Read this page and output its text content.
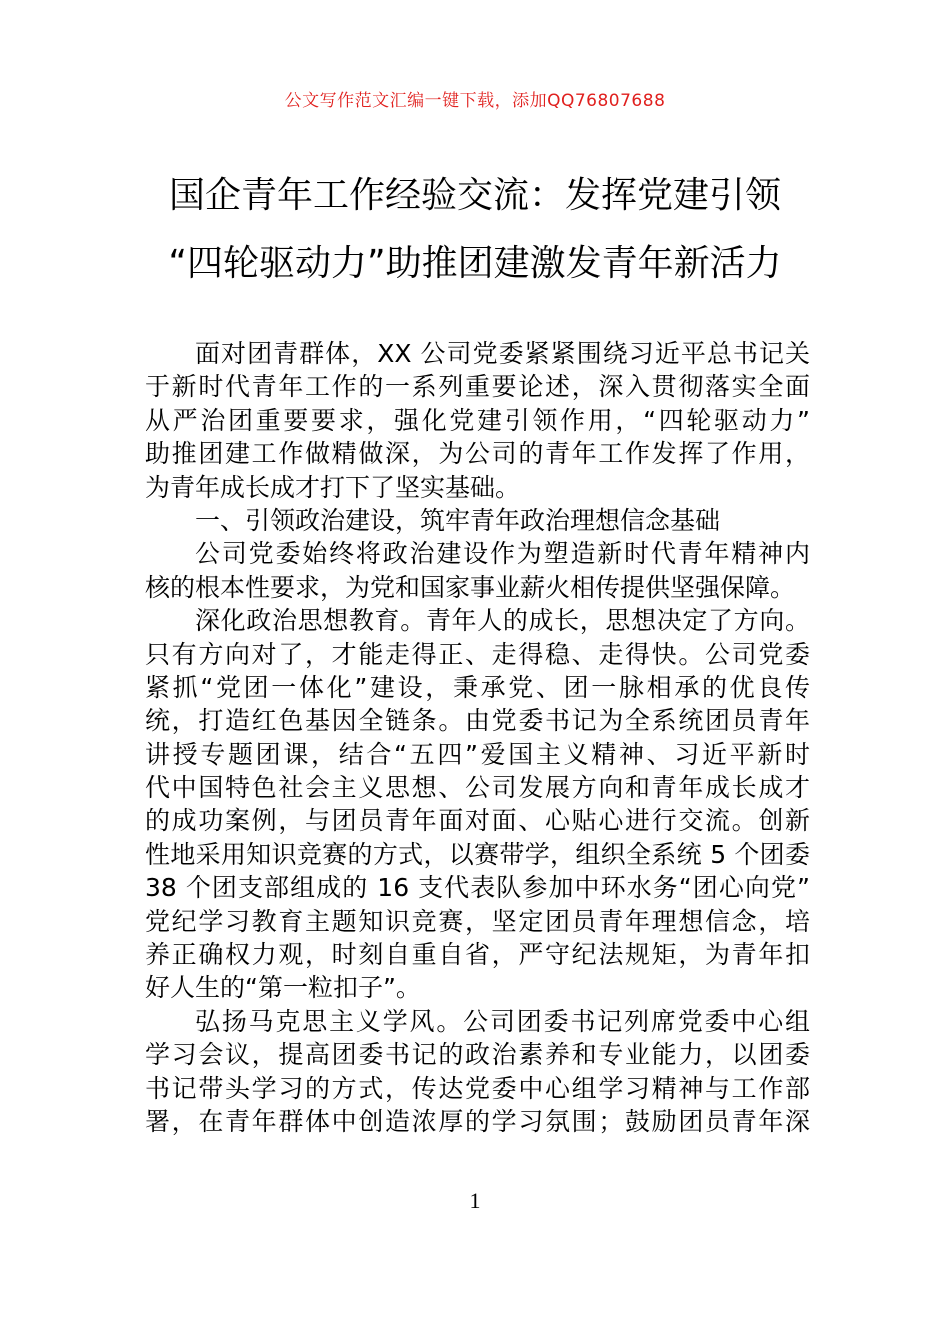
公文写作范文汇编一键下载，添加QQ76807688
国企青年工作经验交流：发挥党建引领
“四轮驱动力”助推团建激发青年新活力
面对团青群体，XX 公司党委紧紧围绕习近平总书记关
于新时代青年工作的一系列重要论述，深入贯彻落实全面
从严治团重要要求，强化党建引领作用，“四轮驱动力”
助推团建工作做精做深，为公司的青年工作发挥了作用，
为青年成长成才打下了坚实基础。
一、引领政治建设，筑牢青年政治理想信念基础
公司党委始终将政治建设作为塑造新时代青年精神内
核的根本性要求，为党和国家事业薪火相传提供坚强保障。
深化政治思想教育。青年人的成长，思想决定了方向。
只有方向对了，才能走得正、走得稳、走得快。公司党委
紧抓“党团一体化”建设，秉承党、团一脉相承的优良传
统，打造红色基因全链条。由党委书记为全系统团员青年
讲授专题团课，结合“五四”爱国主义精神、习近平新时
代中国特色社会主义思想、公司发展方向和青年成长成才
的成功案例，与团员青年面对面、心贴心进行交流。创新
性地采用知识竞赛的方式，以赛带学，组织全系统 5 个团委
38 个团支部组成的 16 支代表队参加中环水务“团心向党”
党纪学习教育主题知识竞赛，坚定团员青年理想信念，培
养正确权力观，时刻自重自省，严守纪法规矩，为青年扣
好人生的“第一粒扣子”。
弘扬马克思主义学风。公司团委书记列席党委中心组
学习会议，提高团委书记的政治素养和专业能力，以团委
书记带头学习的方式，传达党委中心组学习精神与工作部
署，在青年群体中创造浓厚的学习氛围；鼓励团员青年深
1
